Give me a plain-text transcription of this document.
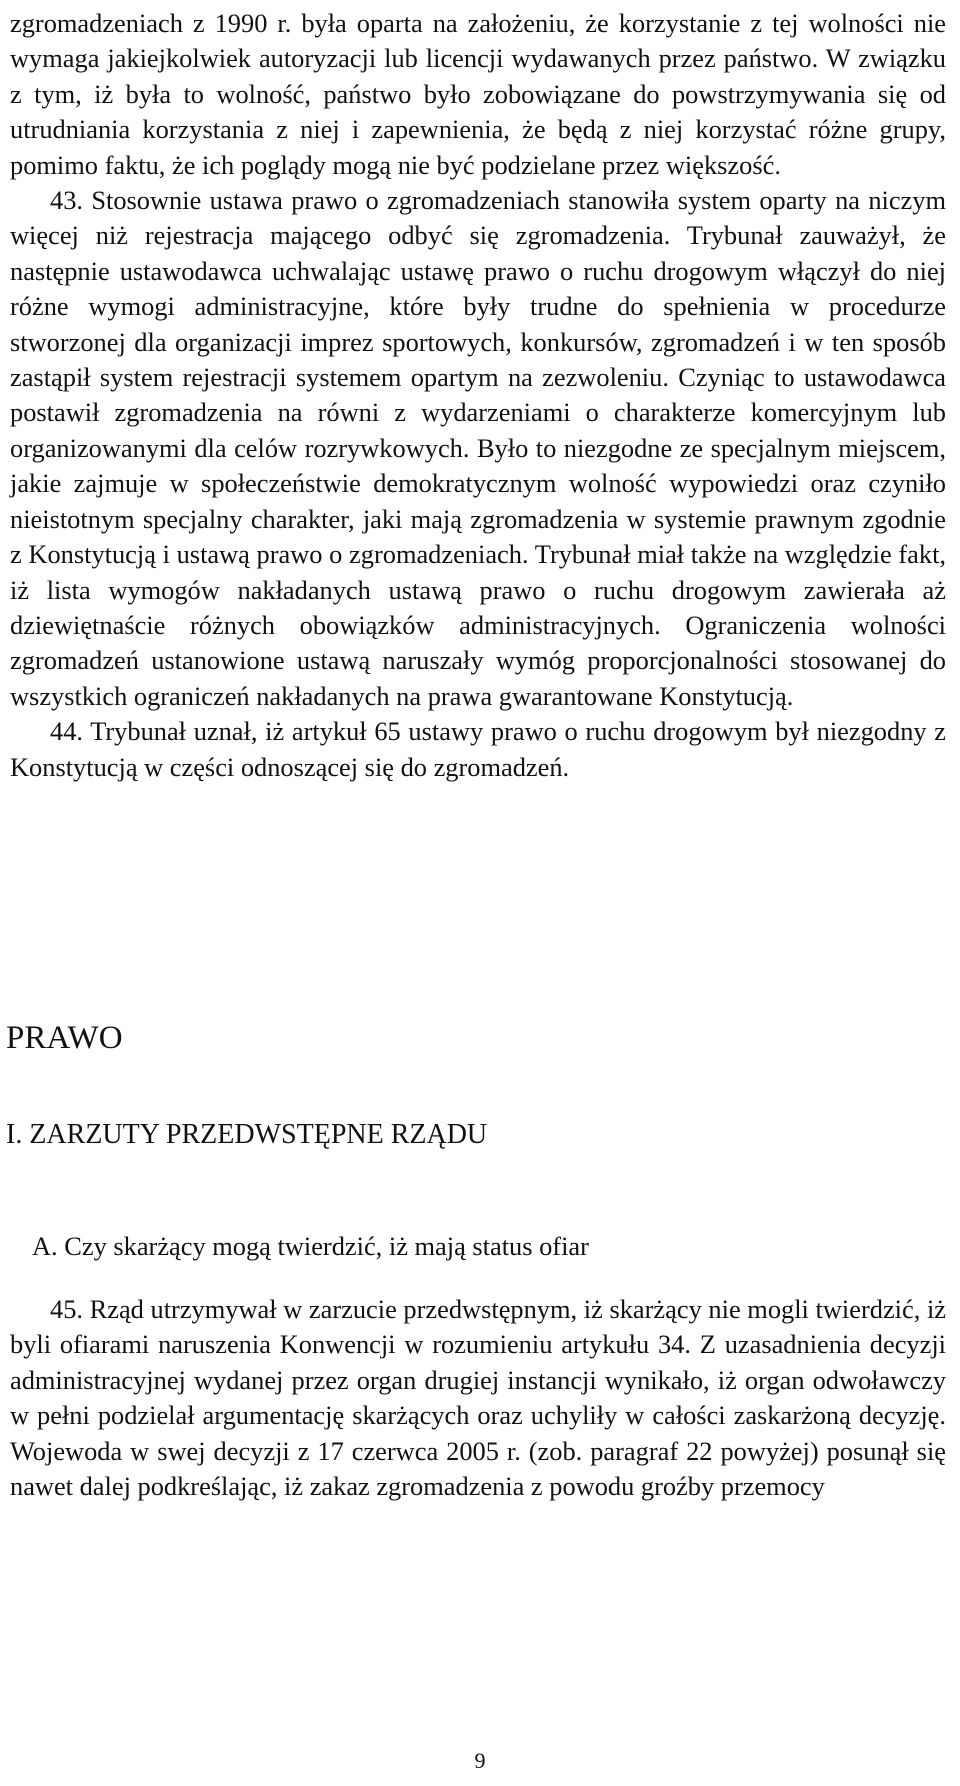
zgromadzeniach z 1990 r. była oparta na założeniu, że korzystanie z tej wolności nie wymaga jakiejkolwiek autoryzacji lub licencji wydawanych przez państwo. W związku z tym, iż była to wolność, państwo było zobowiązane do powstrzymywania się od utrudniania korzystania z niej i zapewnienia, że będą z niej korzystać różne grupy, pomimo faktu, że ich poglądy mogą nie być podzielane przez większość.

43. Stosownie ustawa prawo o zgromadzeniach stanowiła system oparty na niczym więcej niż rejestracja mającego odbyć się zgromadzenia. Trybunał zauważył, że następnie ustawodawca uchwalając ustawę prawo o ruchu drogowym włączył do niej różne wymogi administracyjne, które były trudne do spełnienia w procedurze stworzonej dla organizacji imprez sportowych, konkursów, zgromadzeń i w ten sposób zastąpił system rejestracji systemem opartym na zezwoleniu. Czyniąc to ustawodawca postawił zgromadzenia na równi z wydarzeniami o charakterze komercyjnym lub organizowanymi dla celów rozrywkowych. Było to niezgodne ze specjalnym miejscem, jakie zajmuje w społeczeństwie demokratycznym wolność wypowiedzi oraz czyniło nieistotnym specjalny charakter, jaki mają zgromadzenia w systemie prawnym zgodnie z Konstytucją i ustawą prawo o zgromadzeniach. Trybunał miał także na względzie fakt, iż lista wymogów nakładanych ustawą prawo o ruchu drogowym zawierała aż dziewiętnaście różnych obowiązków administracyjnych. Ograniczenia wolności zgromadzeń ustanowione ustawą naruszały wymóg proporcjonalności stosowanej do wszystkich ograniczeń nakładanych na prawa gwarantowane Konstytucją.

44. Trybunał uznał, iż artykuł 65 ustawy prawo o ruchu drogowym był niezgodny z Konstytucją w części odnoszącej się do zgromadzeń.

PRAWO
I. ZARZUTY PRZEDWSTĘPNE RZĄDU
A. Czy skarżący mogą twierdzić, iż mają status ofiar

45. Rząd utrzymywał w zarzucie przedwstępnym, iż skarżący nie mogli twierdzić, iż byli ofiarami naruszenia Konwencji w rozumieniu artykułu 34. Z uzasadnienia decyzji administracyjnej wydanej przez organ drugiej instancji wynikało, iż organ odwoławczy w pełni podzielał argumentację skarżących oraz uchyliły w całości zaskarżoną decyzję. Wojewoda w swej decyzji z 17 czerwca 2005 r. (zob. paragraf 22 powyżej) posunął się nawet dalej podkreślając, iż zakaz zgromadzenia z powodu groźby przemocy

9
